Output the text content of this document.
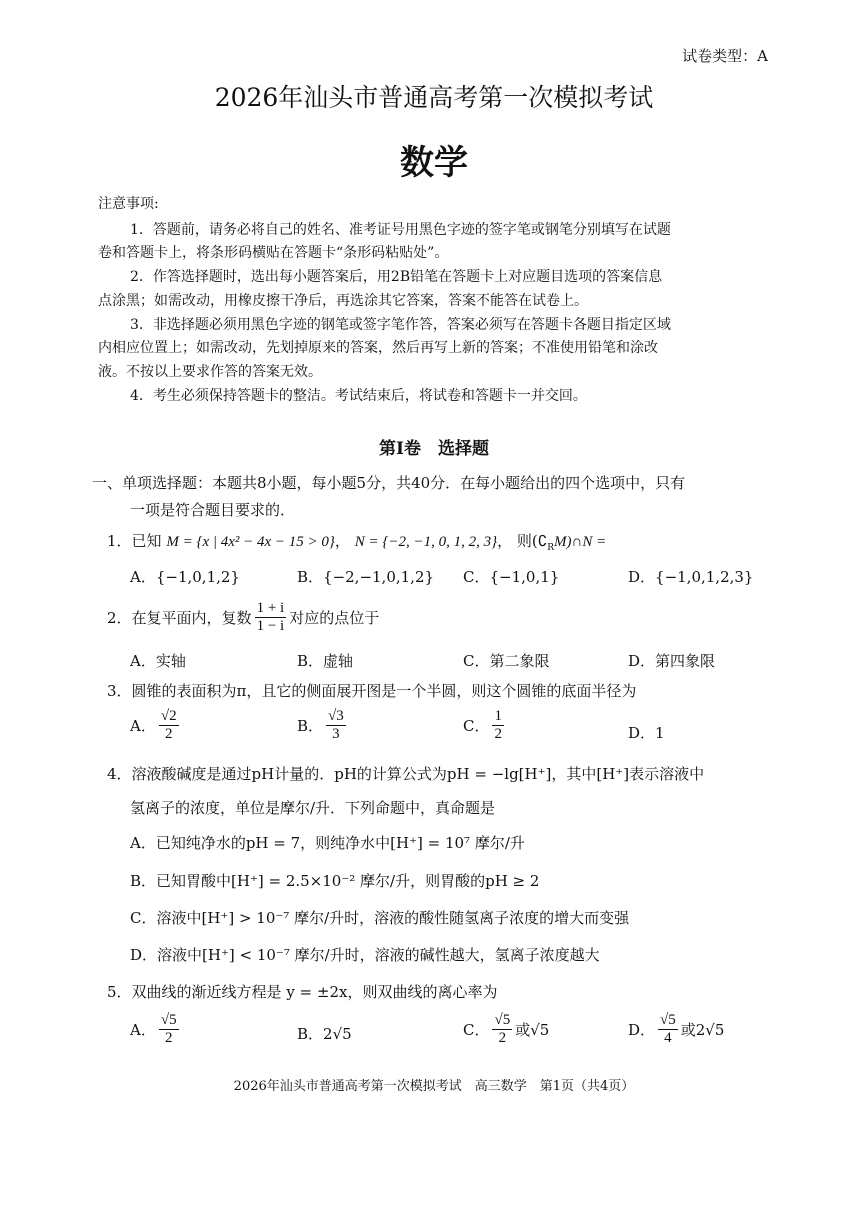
试卷类型：A
2026年汕头市普通高考第一次模拟考试
数学
注意事项:
1．答题前，请务必将自己的姓名、准考证号用黑色字迹的签字笔或钢笔分别填写在试题
卷和答题卡上，将条形码横贴在答题卡“条形码粘贴处”。
2．作答选择题时，选出每小题答案后，用2B铅笔在答题卡上对应题目选项的答案信息
点涂黑；如需改动，用橡皮擦干净后，再选涂其它答案，答案不能答在试卷上。
3．非选择题必须用黑色字迹的钢笔或签字笔作答，答案必须写在答题卡各题目指定区域
内相应位置上；如需改动，先划掉原来的答案，然后再写上新的答案；不准使用铅笔和涂改
液。不按以上要求作答的答案无效。
4．考生必须保持答题卡的整洁。考试结束后，将试卷和答题卡一并交回。
第Ⅰ卷　选择题
一、单项选择题：本题共8小题，每小题5分，共40分．在每小题给出的四个选项中，只有
一项是符合题目要求的．
1．已知 M = {x | 4x² − 4x − 15 > 0}， N = {−2, −1, 0, 1, 2, 3}， 则$(∁_RM)\cap N$ =
A．{−1,0,1,2}	B．{−2,−1,0,1,2} C．{−1,0,1}	D．{−1,0,1,2,3}
2． 在复平面内，复数 $\frac{1 + i}{1 - i}$ 对应的点位于
A．实轴	B．虚轴	C．第二象限	D．第四象限
3．圆锥的表面积为π，且它的侧面展开图是一个半圆，则这个圆锥的底面半径为
A． $\frac{√2}{2}$	B． $\frac{√3}{3}$	C． $\frac{1}{2}$	D．1
4．溶液酸碱度是通过pH计量的．pH的计算公式为pH = −lg[H⁺]，其中[H⁺]表示溶液中
氢离子的浓度，单位是摩尔/升．下列命题中，真命题是
A．已知纯净水的pH = 7，则纯净水中[H⁺] = 10⁷ 摩尔/升
B．已知胃酸中[H⁺] = 2.5×10⁻² 摩尔/升，则胃酸的pH ≥ 2
C．溶液中[H⁺] > 10⁻⁷ 摩尔/升时，溶液的酸性随氢离子浓度的增大而变强
D．溶液中[H⁺] < 10⁻⁷ 摩尔/升时，溶液的碱性越大，氢离子浓度越大
5．双曲线的渐近线方程是 y = ±2x，则双曲线的离心率为
A． $\frac{√5}{2}$	B．2√5	C． $\frac{√5}{2}$ 或√5	D． $\frac{√5}{4}$ 或2√5
2026年汕头市普通高考第一次模拟考试　高三数学　第1页（共4页）
